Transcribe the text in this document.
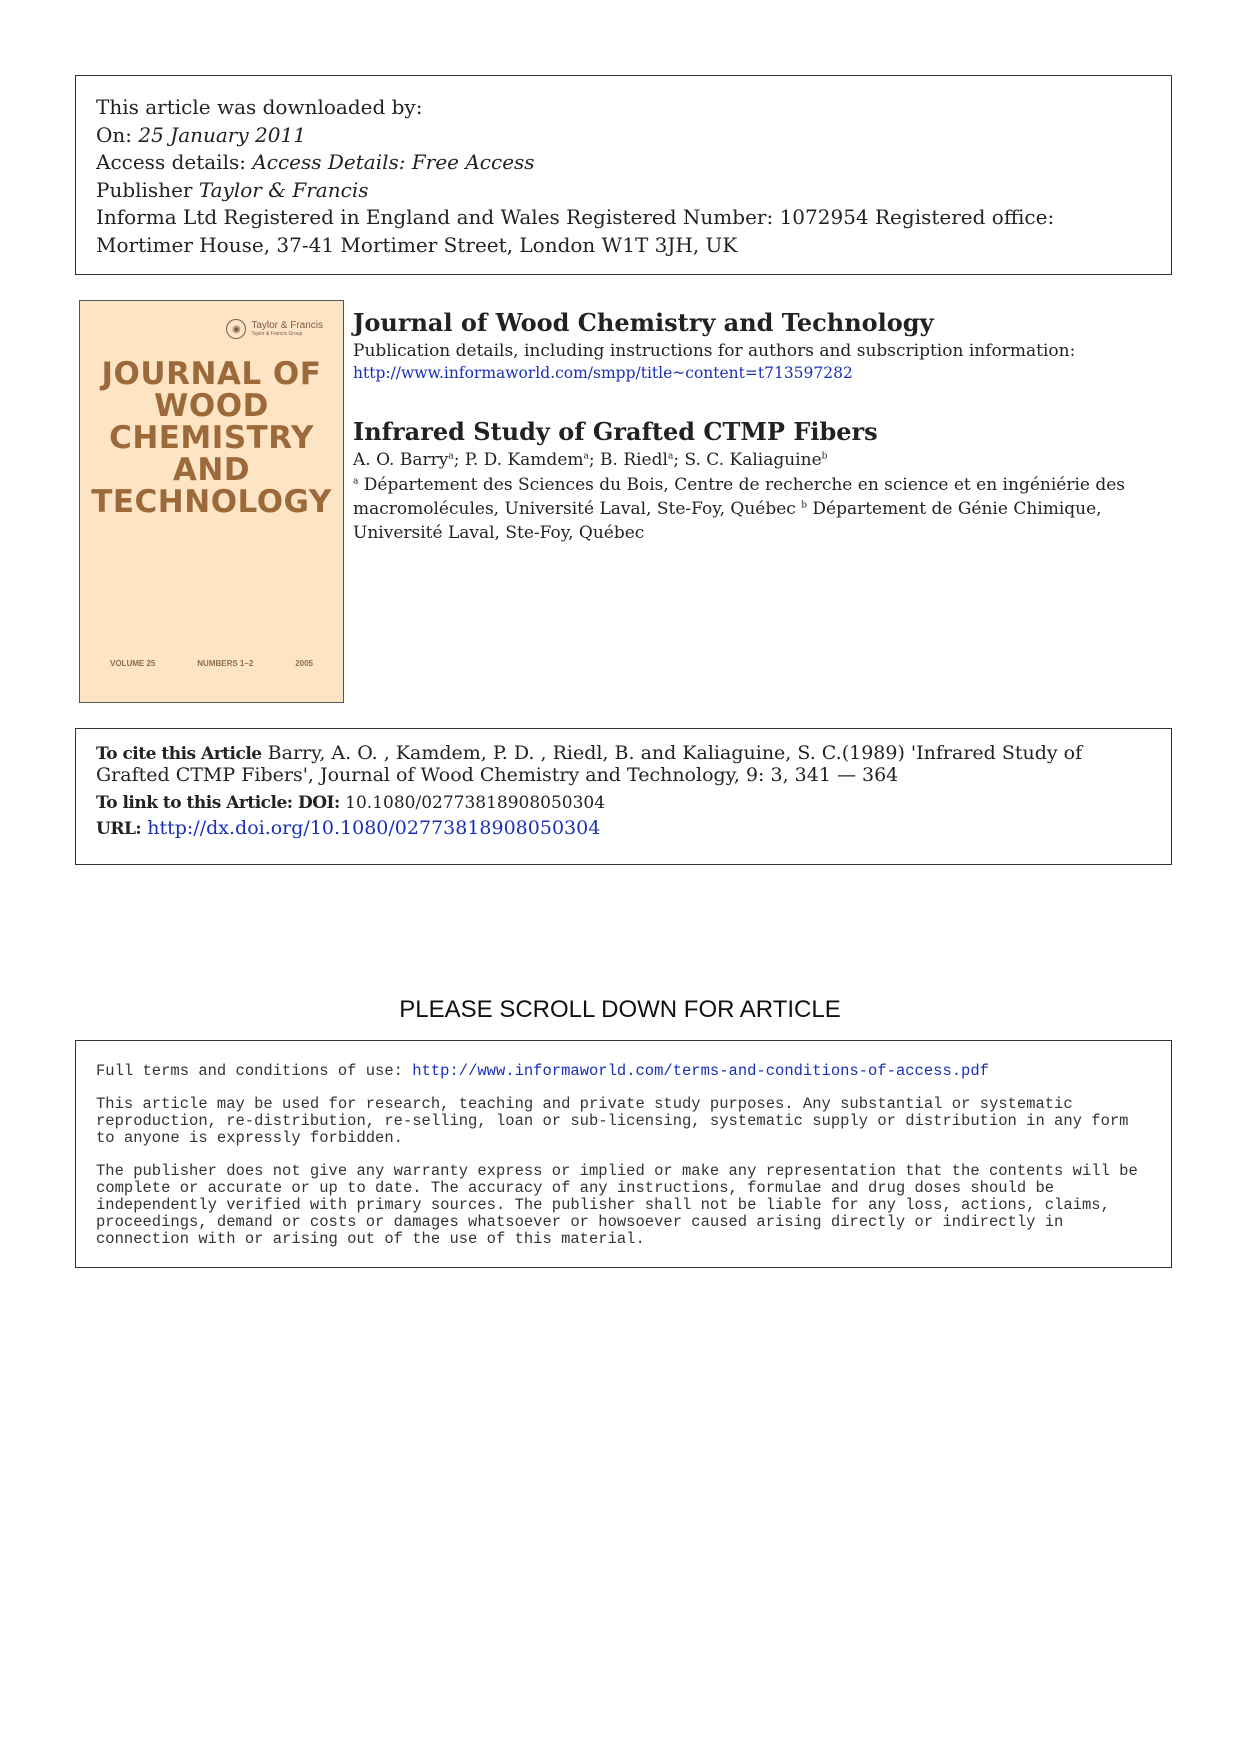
This article was downloaded by:
On: 25 January 2011
Access details: Access Details: Free Access
Publisher Taylor & Francis
Informa Ltd Registered in England and Wales Registered Number: 1072954 Registered office: Mortimer House, 37-41 Mortimer Street, London W1T 3JH, UK
◉	Taylor & Francis
Taylor & Francis Group
JOURNAL OF
WOOD
CHEMISTRY
AND
TECHNOLOGY
VOLUME 25	NUMBERS 1–2	2005
Journal of Wood Chemistry and Technology
Publication details, including instructions for authors and subscription information:
http://www.informaworld.com/smpp/title~content=t713597282
Infrared Study of Grafted CTMP Fibers
A. O. Barry$^a$; P. D. Kamdem$^a$; B. Riedl$^a$; S. C. Kaliaguine$^b$
$^a$ Département des Sciences du Bois, Centre de recherche en science et en ingéniérie des macromolécules, Université Laval, Ste-Foy, Québec $^b$ Département de Génie Chimique, Université Laval, Ste-Foy, Québec
To cite this Article Barry, A. O. , Kamdem, P. D. , Riedl, B. and Kaliaguine, S. C.(1989) 'Infrared Study of Grafted CTMP Fibers', Journal of Wood Chemistry and Technology, 9: 3, 341 — 364
To link to this Article: DOI: 10.1080/02773818908050304
URL: http://dx.doi.org/10.1080/02773818908050304
PLEASE SCROLL DOWN FOR ARTICLE

Full terms and conditions of use: http://www.informaworld.com/terms-and-conditions-of-access.pdf

This article may be used for research, teaching and private study purposes. Any substantial or systematic reproduction, re-distribution, re-selling, loan or sub-licensing, systematic supply or distribution in any form to anyone is expressly forbidden.

The publisher does not give any warranty express or implied or make any representation that the contents will be complete or accurate or up to date. The accuracy of any instructions, formulae and drug doses should be independently verified with primary sources. The publisher shall not be liable for any loss, actions, claims, proceedings, demand or costs or damages whatsoever or howsoever caused arising directly or indirectly in connection with or arising out of the use of this material.
